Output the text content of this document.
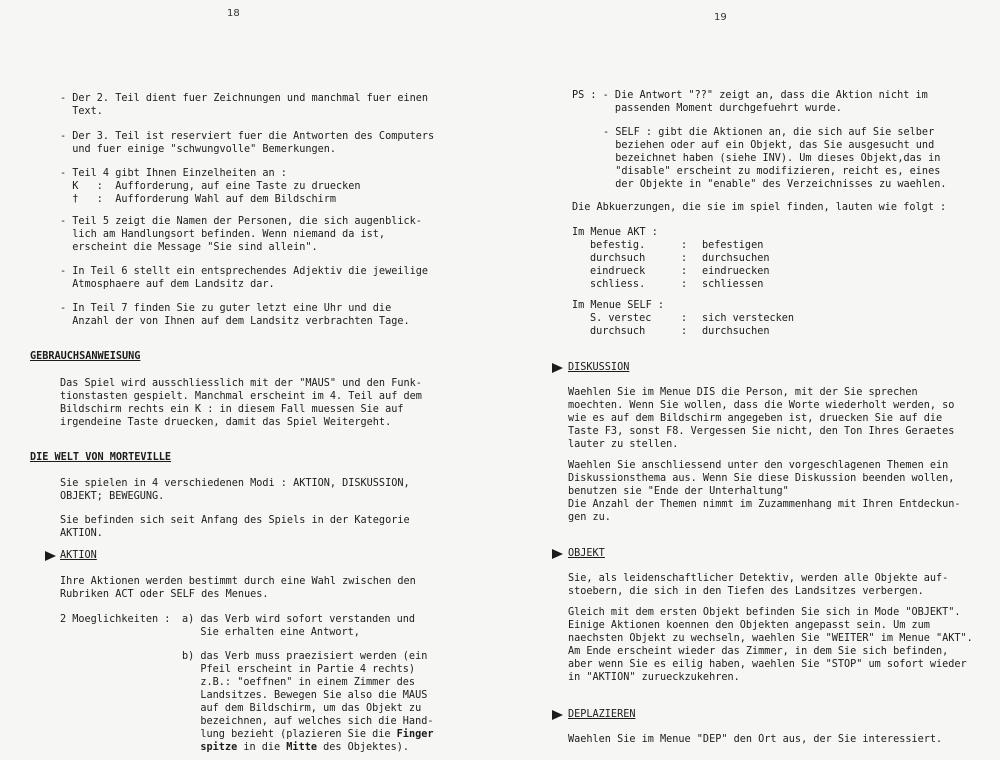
18
- Der 2. Teil dient fuer Zeichnungen und manchmal fuer einen
Text.
- Der 3. Teil ist reserviert fuer die Antworten des Computers
und fuer einige "schwungvolle" Bemerkungen.
- Teil 4 gibt Ihnen Einzelheiten an :
K   :  Aufforderung, auf eine Taste zu druecken
†   :  Aufforderung Wahl auf dem Bildschirm
- Teil 5 zeigt die Namen der Personen, die sich augenblick-
lich am Handlungsort befinden. Wenn niemand da ist,
erscheint die Message "Sie sind allein".
- In Teil 6 stellt ein entsprechendes Adjektiv die jeweilige
Atmosphaere auf dem Landsitz dar.
- In Teil 7 finden Sie zu guter letzt eine Uhr und die
Anzahl der von Ihnen auf dem Landsitz verbrachten Tage.
GEBRAUCHSANWEISUNG
Das Spiel wird ausschliesslich mit der "MAUS" und den Funk-
tionstasten gespielt. Manchmal erscheint im 4. Teil auf dem
Bildschirm rechts ein K : in diesem Fall muessen Sie auf
irgendeine Taste druecken, damit das Spiel Weitergeht.
DIE WELT VON MORTEVILLE
Sie spielen in 4 verschiedenen Modi : AKTION, DISKUSSION,
OBJEKT; BEWEGUNG.
Sie befinden sich seit Anfang des Spiels in der Kategorie
AKTION.
AKTION
Ihre Aktionen werden bestimmt durch eine Wahl zwischen den
Rubriken ACT oder SELF des Menues.
2 Moeglichkeiten : a) das Verb wird sofort verstanden und
Sie erhalten eine Antwort,
b) das Verb muss praezisiert werden (ein
Pfeil erscheint in Partie 4 rechts)
z.B.: "oeffnen" in einem Zimmer des
Landsitzes. Bewegen Sie also die MAUS
auf dem Bildschirm, um das Objekt zu
bezeichnen, auf welches sich die Hand-
lung bezieht (plazieren Sie die Finger
spitze in die Mitte des Objektes).
19
PS : - Die Antwort "??" zeigt an, dass die Aktion nicht im
passenden Moment durchgefuehrt wurde.
- SELF : gibt die Aktionen an, die sich auf Sie selber
beziehen oder auf ein Objekt, das Sie ausgesucht und
bezeichnet haben (siehe INV). Um dieses Objekt,das in
"disable" erscheint zu modifizieren, reicht es, eines
der Objekte in "enable" des Verzeichnisses zu waehlen.
Die Abkuerzungen, die sie im spiel finden, lauten wie folgt :
Im Menue AKT :
befestig.	: befestigen
durchsuch	: durchsuchen
eindrueck	: eindruecken
schliess.	: schliessen
Im Menue SELF :
S. verstec	: sich verstecken
durchsuch	: durchsuchen
DISKUSSION
Waehlen Sie im Menue DIS die Person, mit der Sie sprechen
moechten. Wenn Sie wollen, dass die Worte wiederholt werden, so
wie es auf dem Bildschirm angegeben ist, druecken Sie auf die
Taste F3, sonst F8. Vergessen Sie nicht, den Ton Ihres Geraetes
lauter zu stellen.
Waehlen Sie anschliessend unter den vorgeschlagenen Themen ein
Diskussionsthema aus. Wenn Sie diese Diskussion beenden wollen,
benutzen sie "Ende der Unterhaltung"
Die Anzahl der Themen nimmt im Zuzammenhang mit Ihren Entdeckun-
gen zu.
OBJEKT
Sie, als leidenschaftlicher Detektiv, werden alle Objekte auf-
stoebern, die sich in den Tiefen des Landsitzes verbergen.
Gleich mit dem ersten Objekt befinden Sie sich in Mode "OBJEKT".
Einige Aktionen koennen den Objekten angepasst sein. Um zum
naechsten Objekt zu wechseln, waehlen Sie "WEITER" im Menue "AKT".
Am Ende erscheint wieder das Zimmer, in dem Sie sich befinden,
aber wenn Sie es eilig haben, waehlen Sie "STOP" um sofort wieder
in "AKTION" zurueckzukehren.
DEPLAZIEREN
Waehlen Sie im Menue "DEP" den Ort aus, der Sie interessiert.
